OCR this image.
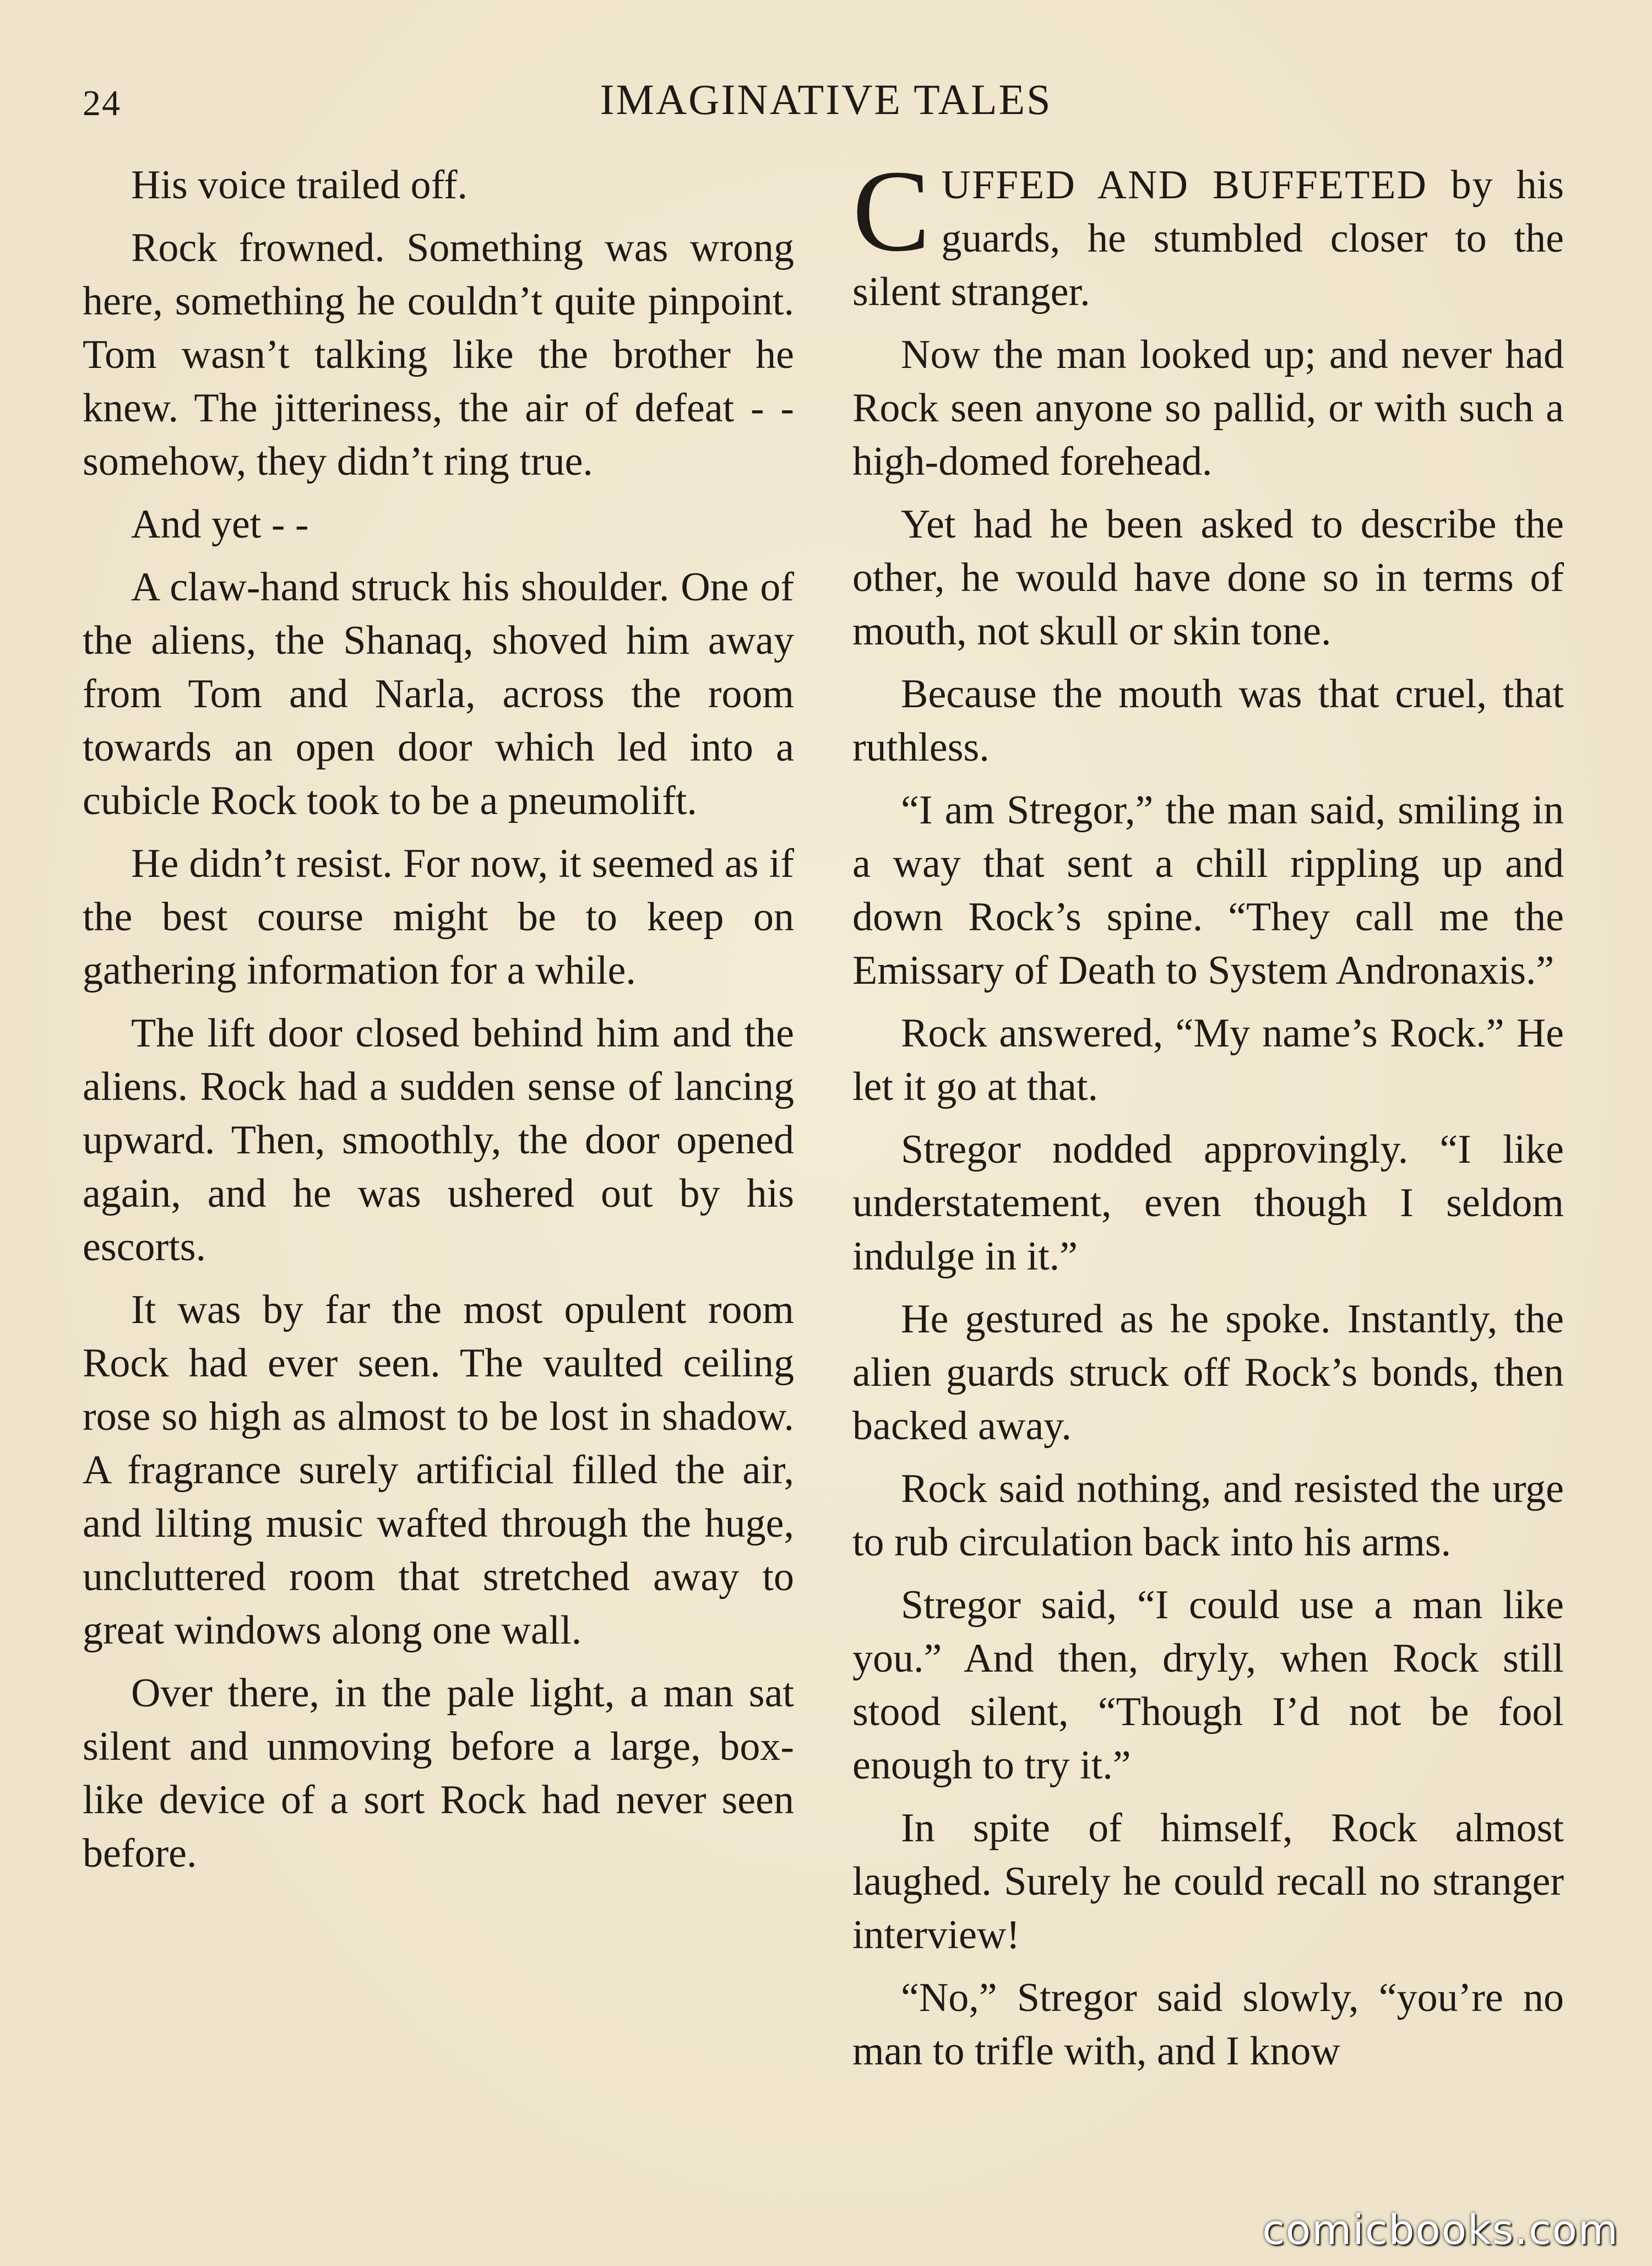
24	IMAGINATIVE TALES

His voice trailed off.

Rock frowned. Something was wrong here, something he couldn’t quite pinpoint. Tom wasn’t talking like the brother he knew. The jitteriness, the air of defeat - - somehow, they didn’t ring true.

And yet - -

A claw-hand struck his shoulder. One of the aliens, the Shanaq, shoved him away from Tom and Narla, across the room towards an open door which led into a cubicle Rock took to be a pneumolift.

He didn’t resist. For now, it seemed as if the best course might be to keep on gathering information for a while.

The lift door closed behind him and the aliens. Rock had a sudden sense of lancing upward. Then, smoothly, the door opened again, and he was ushered out by his escorts.

It was by far the most opulent room Rock had ever seen. The vaulted ceiling rose so high as almost to be lost in shadow. A fragrance surely artificial filled the air, and lilting music wafted through the huge, uncluttered room that stretched away to great windows along one wall.

Over there, in the pale light, a man sat silent and unmoving before a large, box-like device of a sort Rock had never seen before.

CUFFED AND BUFFETED by his guards, he stumbled closer to the silent stranger.

Now the man looked up; and never had Rock seen anyone so pallid, or with such a high-domed forehead.

Yet had he been asked to describe the other, he would have done so in terms of mouth, not skull or skin tone.

Because the mouth was that cruel, that ruthless.

“I am Stregor,” the man said, smiling in a way that sent a chill rippling up and down Rock’s spine. “They call me the Emissary of Death to System Andronaxis.”

Rock answered, “My name’s Rock.” He let it go at that.

Stregor nodded approvingly. “I like understatement, even though I seldom indulge in it.”

He gestured as he spoke. Instantly, the alien guards struck off Rock’s bonds, then backed away.

Rock said nothing, and resisted the urge to rub circulation back into his arms.

Stregor said, “I could use a man like you.” And then, dryly, when Rock still stood silent, “Though I’d not be fool enough to try it.”

In spite of himself, Rock almost laughed. Surely he could recall no stranger interview!

“No,” Stregor said slowly, “you’re no man to trifle with, and I know

comicbooks.com
